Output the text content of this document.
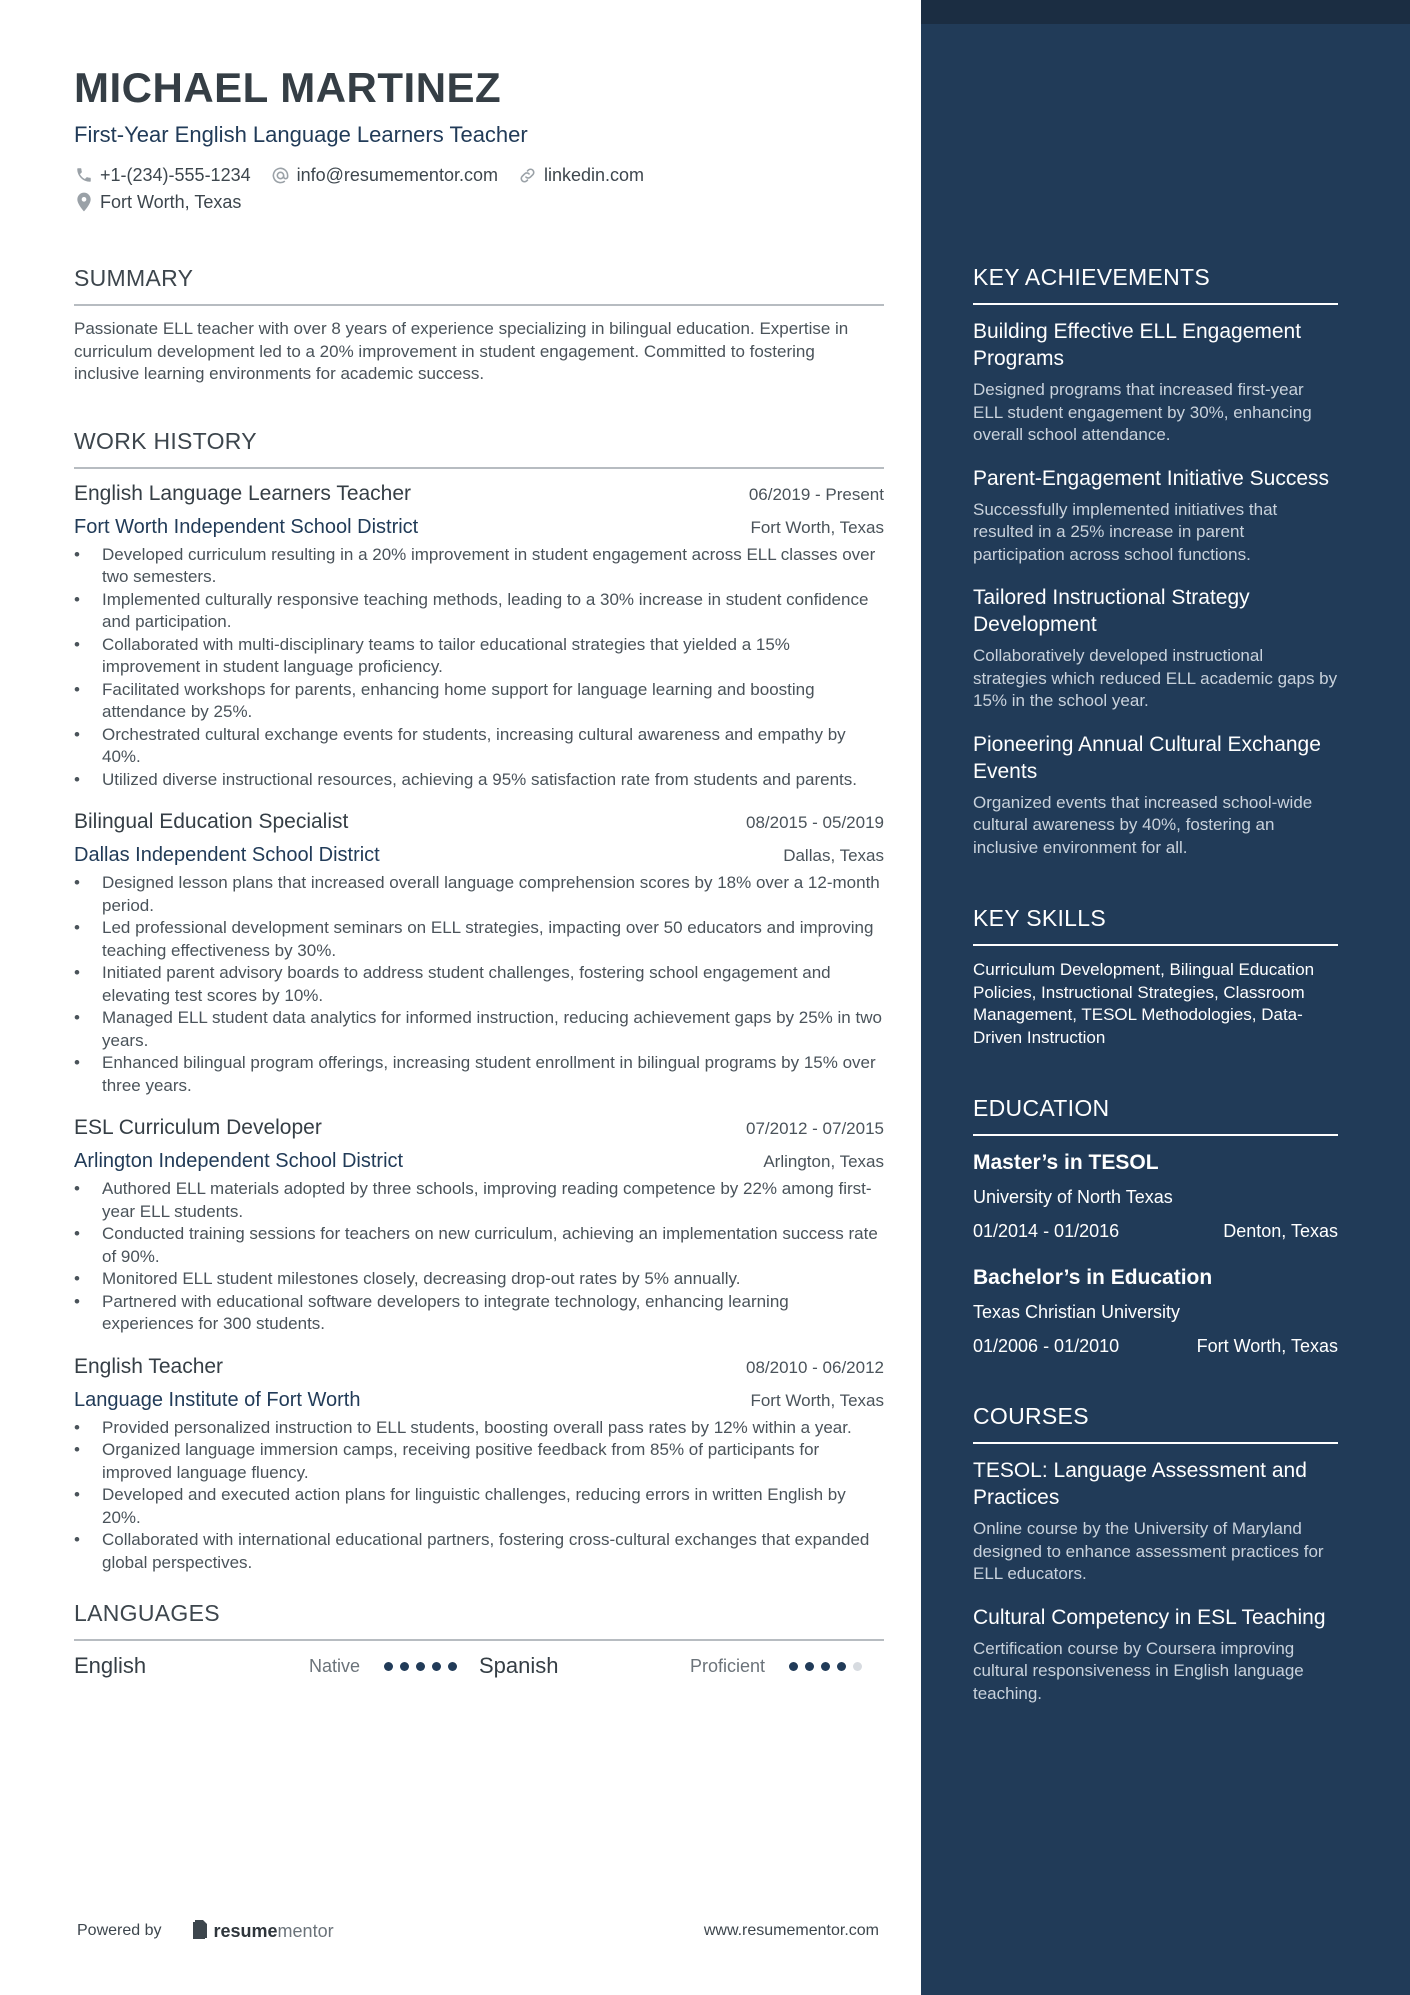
MICHAEL MARTINEZ
First-Year English Language Learners Teacher
+1-(234)-555-1234	info@resumementor.com	linkedin.com
Fort Worth, Texas
SUMMARY
Passionate ELL teacher with over 8 years of experience specializing in bilingual education. Expertise in curriculum development led to a 20% improvement in student engagement. Committed to fostering inclusive learning environments for academic success.
WORK HISTORY
English Language Learners Teacher	06/2019 - Present
Fort Worth Independent School District	Fort Worth, Texas
• Developed curriculum resulting in a 20% improvement in student engagement across ELL classes over two semesters.
• Implemented culturally responsive teaching methods, leading to a 30% increase in student confidence and participation.
• Collaborated with multi-disciplinary teams to tailor educational strategies that yielded a 15% improvement in student language proficiency.
• Facilitated workshops for parents, enhancing home support for language learning and boosting attendance by 25%.
• Orchestrated cultural exchange events for students, increasing cultural awareness and empathy by 40%.
• Utilized diverse instructional resources, achieving a 95% satisfaction rate from students and parents.
Bilingual Education Specialist	08/2015 - 05/2019
Dallas Independent School District	Dallas, Texas
• Designed lesson plans that increased overall language comprehension scores by 18% over a 12-month period.
• Led professional development seminars on ELL strategies, impacting over 50 educators and improving teaching effectiveness by 30%.
• Initiated parent advisory boards to address student challenges, fostering school engagement and elevating test scores by 10%.
• Managed ELL student data analytics for informed instruction, reducing achievement gaps by 25% in two years.
• Enhanced bilingual program offerings, increasing student enrollment in bilingual programs by 15% over three years.
ESL Curriculum Developer	07/2012 - 07/2015
Arlington Independent School District	Arlington, Texas
• Authored ELL materials adopted by three schools, improving reading competence by 22% among first-year ELL students.
• Conducted training sessions for teachers on new curriculum, achieving an implementation success rate of 90%.
• Monitored ELL student milestones closely, decreasing drop-out rates by 5% annually.
• Partnered with educational software developers to integrate technology, enhancing learning experiences for 300 students.
English Teacher	08/2010 - 06/2012
Language Institute of Fort Worth	Fort Worth, Texas
• Provided personalized instruction to ELL students, boosting overall pass rates by 12% within a year.
• Organized language immersion camps, receiving positive feedback from 85% of participants for improved language fluency.
• Developed and executed action plans for linguistic challenges, reducing errors in written English by 20%.
• Collaborated with international educational partners, fostering cross-cultural exchanges that expanded global perspectives.
LANGUAGES
English	Native	Spanish	Proficient
Powered by	resumementor	www.resumementor.com
KEY ACHIEVEMENTS
Building Effective ELL Engagement Programs
Designed programs that increased first-year ELL student engagement by 30%, enhancing overall school attendance.
Parent-Engagement Initiative Success
Successfully implemented initiatives that resulted in a 25% increase in parent participation across school functions.
Tailored Instructional Strategy Development
Collaboratively developed instructional strategies which reduced ELL academic gaps by 15% in the school year.
Pioneering Annual Cultural Exchange Events
Organized events that increased school-wide cultural awareness by 40%, fostering an inclusive environment for all.
KEY SKILLS
Curriculum Development, Bilingual Education Policies, Instructional Strategies, Classroom Management, TESOL Methodologies, Data-Driven Instruction
EDUCATION
Master’s in TESOL
University of North Texas
01/2014 - 01/2016	Denton, Texas
Bachelor’s in Education
Texas Christian University
01/2006 - 01/2010	Fort Worth, Texas
COURSES
TESOL: Language Assessment and Practices
Online course by the University of Maryland designed to enhance assessment practices for ELL educators.
Cultural Competency in ESL Teaching
Certification course by Coursera improving cultural responsiveness in English language teaching.
